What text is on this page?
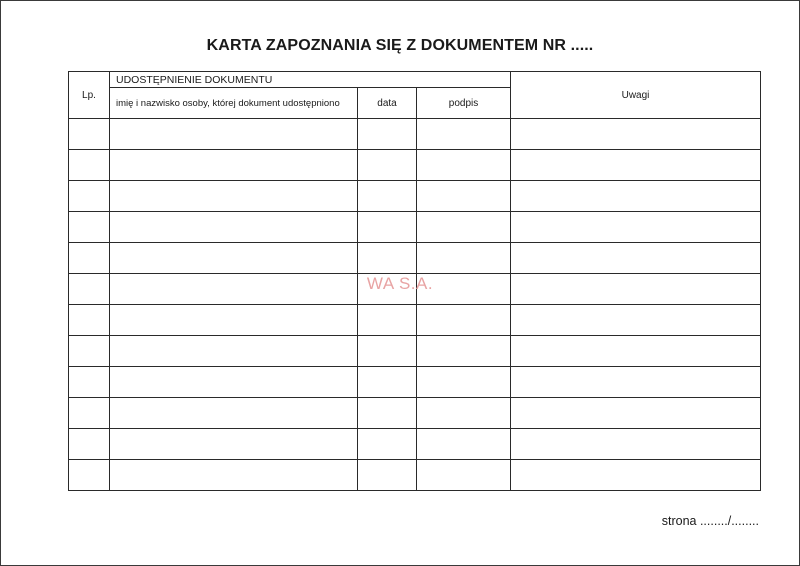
KARTA ZAPOZNANIA SIĘ Z DOKUMENTEM NR .....
Lp.	UDOSTĘPNIENIE DOKUMENTU			Uwagi
	imię i nazwisko osoby, której dokument udostępniono	data	podpis	

WA S.A.
strona ......../........
